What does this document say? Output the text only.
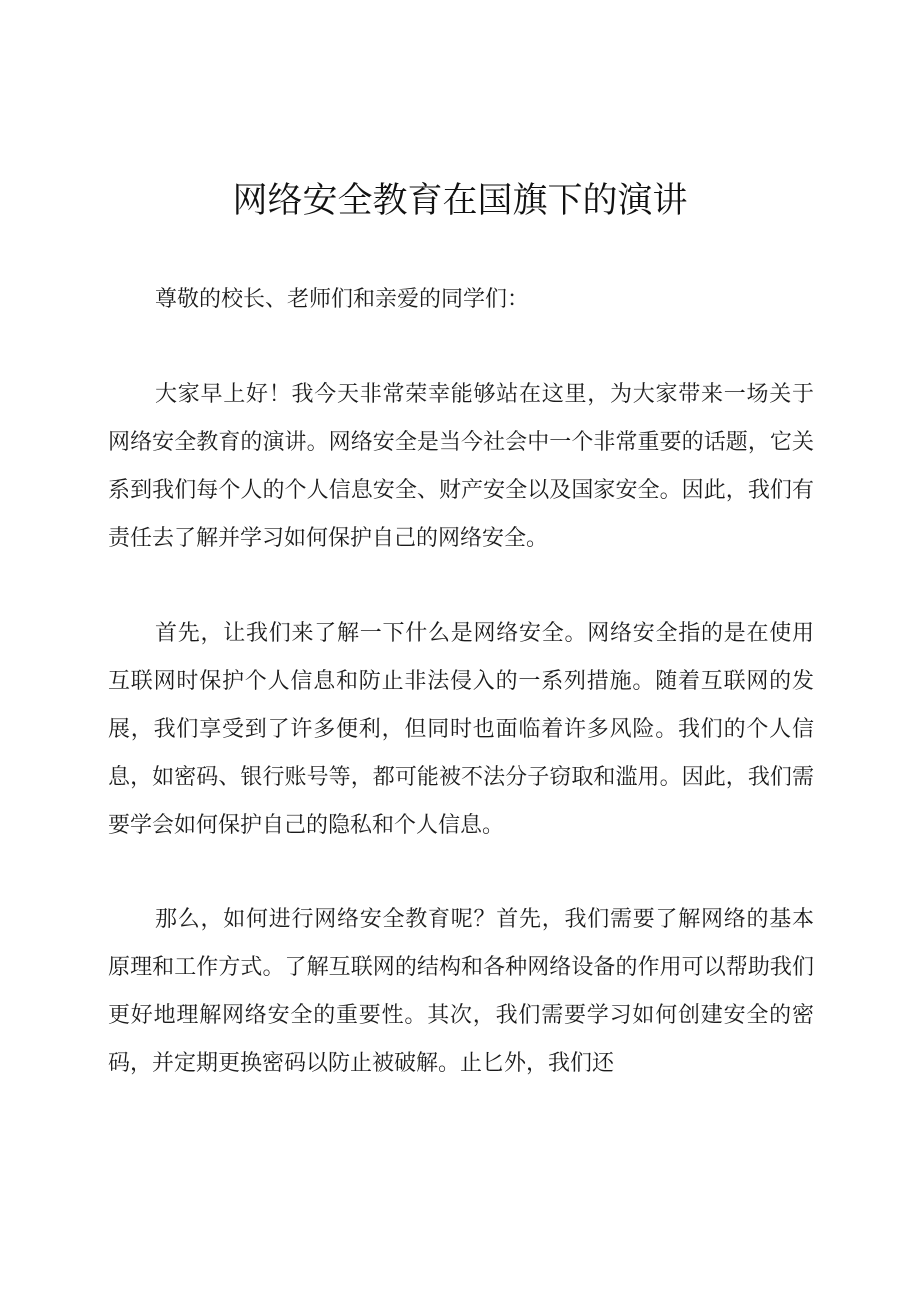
网络安全教育在国旗下的演讲

尊敬的校长、老师们和亲爱的同学们：

大家早上好！我今天非常荣幸能够站在这里，为大家带来一场关于网络安全教育的演讲。网络安全是当今社会中一个非常重要的话题，它关系到我们每个人的个人信息安全、财产安全以及国家安全。因此，我们有责任去了解并学习如何保护自己的网络安全。

首先，让我们来了解一下什么是网络安全。网络安全指的是在使用互联网时保护个人信息和防止非法侵入的一系列措施。随着互联网的发展，我们享受到了许多便利，但同时也面临着许多风险。我们的个人信息，如密码、银行账号等，都可能被不法分子窃取和滥用。因此，我们需要学会如何保护自己的隐私和个人信息。

那么，如何进行网络安全教育呢？首先，我们需要了解网络的基本原理和工作方式。了解互联网的结构和各种网络设备的作用可以帮助我们更好地理解网络安全的重要性。其次，我们需要学习如何创建安全的密码，并定期更换密码以防止被破解。止匕外，我们还
